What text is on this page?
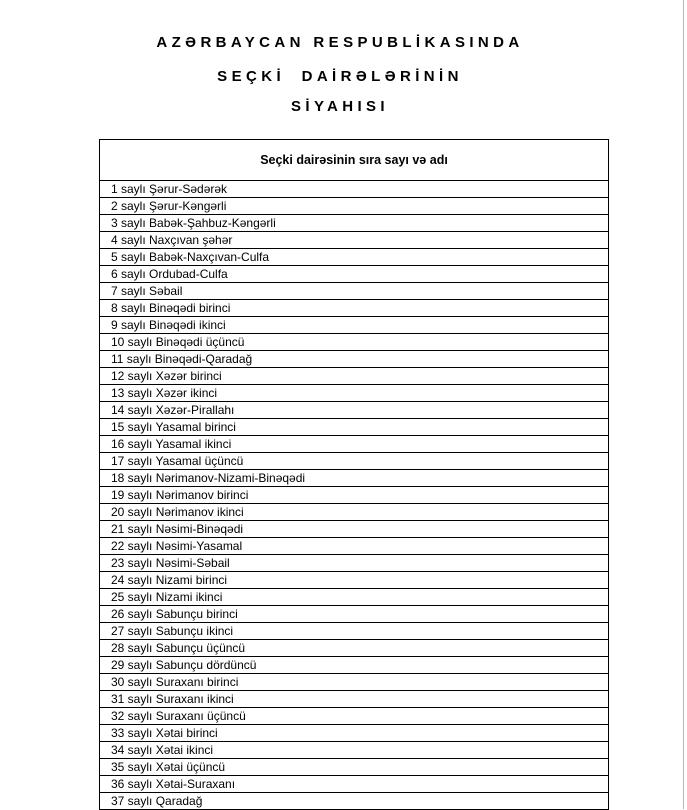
AZƏRBAYCAN RESPUBLİKASINDA
SEÇKİ DAİRƏLƏRİNİN
SİYAHISI
Seçki dairəsinin sıra sayı və adı
1 saylı Şərur-Sədərək
2 saylı Şərur-Kəngərli
3 saylı Babək-Şahbuz-Kəngərli
4 saylı Naxçıvan şəhər
5 saylı Babək-Naxçıvan-Culfa
6 saylı Ordubad-Culfa
7 saylı Səbail
8 saylı Binəqədi birinci
9 saylı Binəqədi ikinci
10 saylı Binəqədi üçüncü
11 saylı Binəqədi-Qaradağ
12 saylı Xəzər birinci
13 saylı Xəzər ikinci
14 saylı Xəzər-Pirallahı
15 saylı Yasamal birinci
16 saylı Yasamal ikinci
17 saylı Yasamal üçüncü
18 saylı Nərimanov-Nizami-Binəqədi
19 saylı Nərimanov birinci
20 saylı Nərimanov ikinci
21 saylı Nəsimi-Binəqədi
22 saylı Nəsimi-Yasamal
23 saylı Nəsimi-Səbail
24 saylı Nizami birinci
25 saylı Nizami ikinci
26 saylı Sabunçu birinci
27 saylı Sabunçu ikinci
28 saylı Sabunçu üçüncü
29 saylı Sabunçu dördüncü
30 saylı Suraxanı birinci
31 saylı Suraxanı ikinci
32 saylı Suraxanı üçüncü
33 saylı Xətai birinci
34 saylı Xətai ikinci
35 saylı Xətai üçüncü
36 saylı Xətai-Suraxanı
37 saylı Qaradağ
